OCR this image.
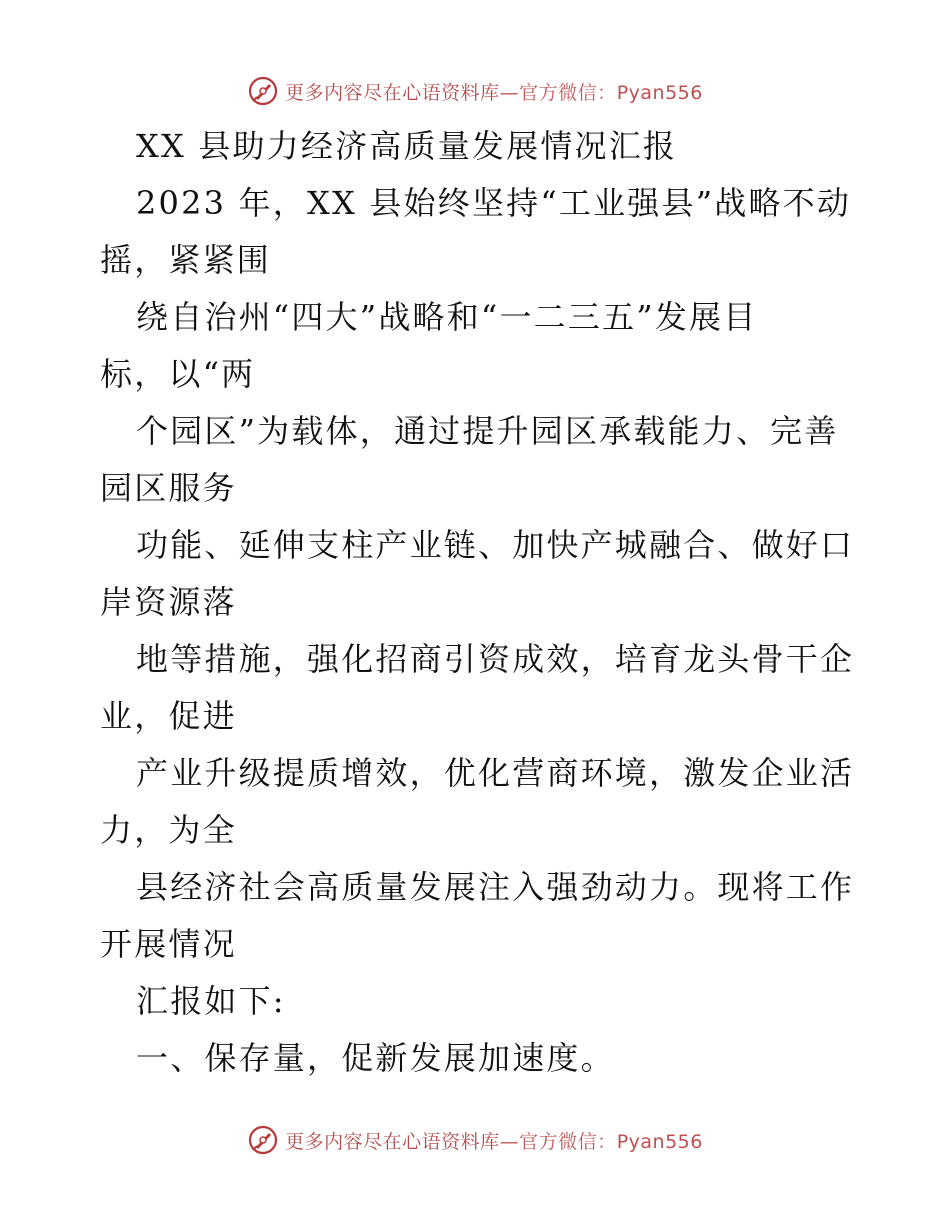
更多内容尽在心语资料库—官方微信：Pyan556
XX 县助力经济高质量发展情况汇报
2023 年，XX 县始终坚持“工业强县”战略不动
摇，紧紧围
绕自治州“四大”战略和“一二三五”发展目
标，以“两
个园区”为载体，通过提升园区承载能力、完善
园区服务
功能、延伸支柱产业链、加快产城融合、做好口
岸资源落
地等措施，强化招商引资成效，培育龙头骨干企
业，促进
产业升级提质增效，优化营商环境，激发企业活
力，为全
县经济社会高质量发展注入强劲动力。现将工作
开展情况
汇报如下:
一、保存量，促新发展加速度。
更多内容尽在心语资料库—官方微信：Pyan556
